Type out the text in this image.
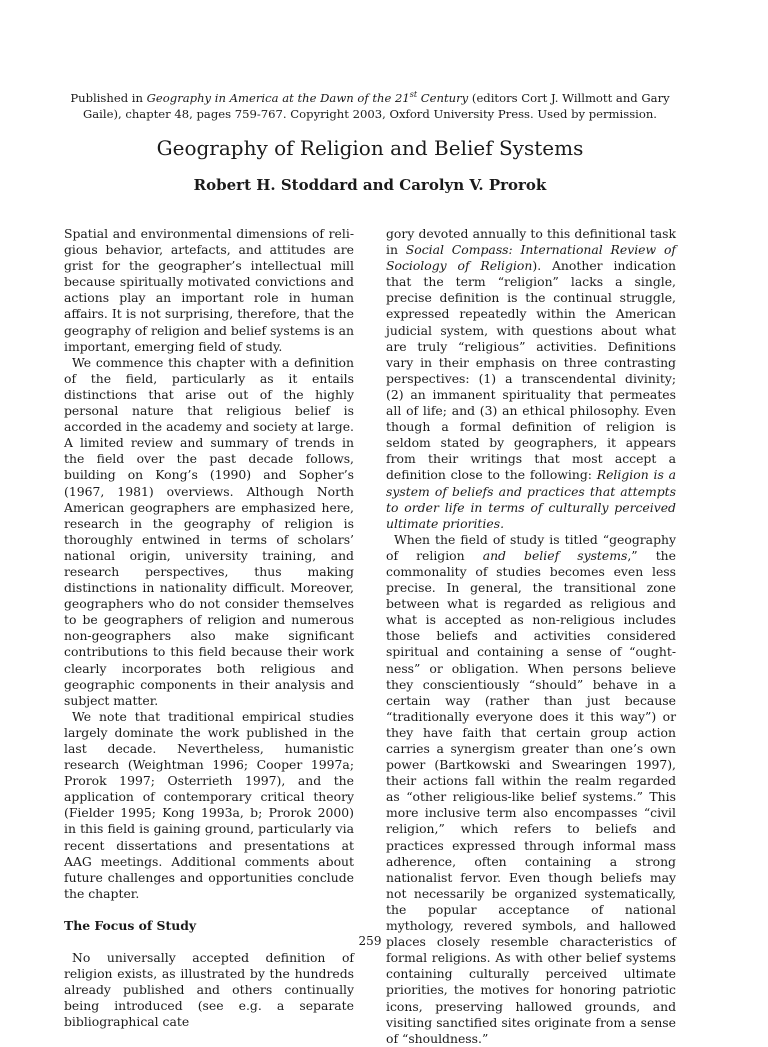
Published in Geography in America at the Dawn of the 21st Century (editors Cort J. Willmott and Gary Gaile), chapter 48, pages 759-767. Copyright 2003, Oxford University Press. Used by permission.
Geography of Religion and Belief Systems
Robert H. Stoddard and Carolyn V. Prorok

Spatial and environmental dimensions of religious behavior, artefacts, and attitudes are grist for the geographer’s intellectual mill because spiritually motivated convictions and actions play an important role in human affairs. It is not surprising, therefore, that the geography of religion and belief systems is an important, emerging field of study.

We commence this chapter with a definition of the field, particularly as it entails distinctions that arise out of the highly personal nature that religious belief is accorded in the academy and society at large. A limited review and summary of trends in the field over the past decade follows, building on Kong’s (1990) and Sopher’s (1967, 1981) overviews. Although North American geographers are emphasized here, research in the geography of religion is thoroughly entwined in terms of scholars’ national origin, university training, and research perspectives, thus making distinctions in nationality difficult. Moreover, geographers who do not consider themselves to be geographers of religion and numerous non-geographers also make significant contributions to this field because their work clearly incorporates both religious and geographic components in their analysis and subject matter.

We note that traditional empirical studies largely dominate the work published in the last decade. Nevertheless, humanistic research (Weightman 1996; Cooper 1997a; Prorok 1997; Osterrieth 1997), and the application of contemporary critical theory (Fielder 1995; Kong 1993a, b; Prorok 2000) in this field is gaining ground, particularly via recent dissertations and presentations at AAG meetings. Additional comments about future challenges and opportunities conclude the chapter.

The Focus of Study

No universally accepted definition of religion exists, as illustrated by the hundreds already published and others continually being introduced (see e.g. a separate bibliographical cate

gory devoted annually to this definitional task in Social Compass: International Review of Sociology of Religion). Another indication that the term “religion” lacks a single, precise definition is the continual struggle, expressed repeatedly within the American judicial system, with questions about what are truly “religious” activities. Definitions vary in their emphasis on three contrasting perspectives: (1) a transcendental divinity; (2) an immanent spirituality that permeates all of life; and (3) an ethical philosophy. Even though a formal definition of religion is seldom stated by geographers, it appears from their writings that most accept a definition close to the following: Religion is a system of beliefs and practices that attempts to order life in terms of culturally perceived ultimate priorities.

When the field of study is titled “geography of religion and belief systems,” the commonality of studies becomes even less precise. In general, the transitional zone between what is regarded as religious and what is accepted as non-religious includes those beliefs and activities considered spiritual and containing a sense of “oughtness” or obligation. When persons believe they conscientiously “should” behave in a certain way (rather than just because “traditionally everyone does it this way”) or they have faith that certain group action carries a synergism greater than one’s own power (Bartkowski and Swearingen 1997), their actions fall within the realm regarded as “other religious-like belief systems.” This more inclusive term also encompasses “civil religion,” which refers to beliefs and practices expressed through informal mass adherence, often containing a strong nationalist fervor. Even though beliefs may not necessarily be organized systematically, the popular acceptance of national mythology, revered symbols, and hallowed places closely resemble characteristics of formal religions. As with other belief systems containing culturally perceived ultimate priorities, the motives for honoring patriotic icons, preserving hallowed grounds, and visiting sanctified sites originate from a sense of “shouldness.”

259
